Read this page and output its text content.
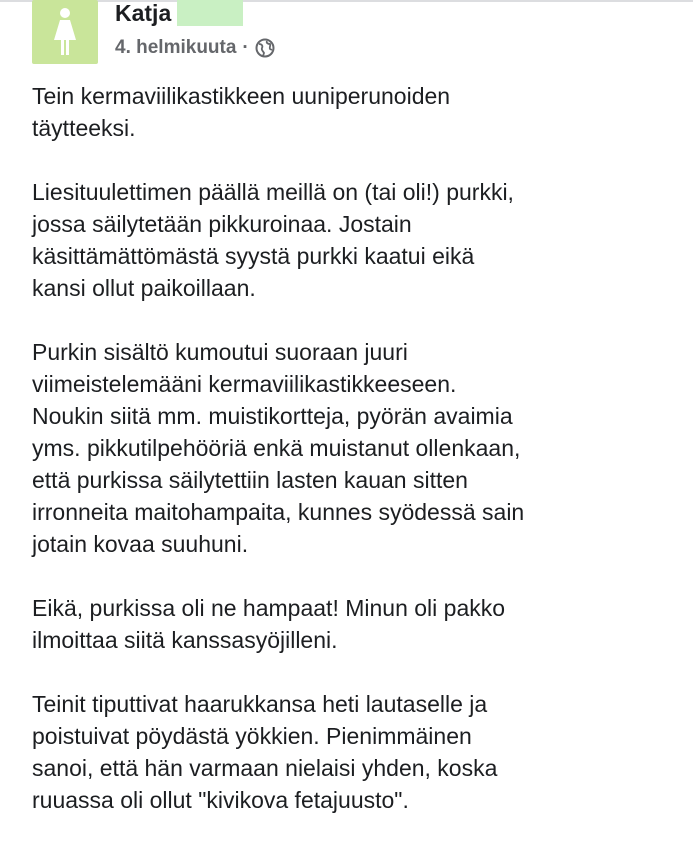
Katja
4. helmikuuta ·

Tein kermaviilikastikkeen uuniperunoiden
täytteeksi.

Liesituulettimen päällä meillä on (tai oli!) purkki,
jossa säilytetään pikkuroinaa. Jostain
käsittämättömästä syystä purkki kaatui eikä
kansi ollut paikoillaan.

Purkin sisältö kumoutui suoraan juuri
viimeistelemääni kermaviilikastikkeeseen.
Noukin siitä mm. muistikortteja, pyörän avaimia
yms. pikkutilpehööriä enkä muistanut ollenkaan,
että purkissa säilytettiin lasten kauan sitten
irronneita maitohampaita, kunnes syödessä sain
jotain kovaa suuhuni.

Eikä, purkissa oli ne hampaat! Minun oli pakko
ilmoittaa siitä kanssasyöjilleni.

Teinit tiputtivat haarukkansa heti lautaselle ja
poistuivat pöydästä yökkien. Pienimmäinen
sanoi, että hän varmaan nielaisi yhden, koska
ruuassa oli ollut "kivikova fetajuusto".
